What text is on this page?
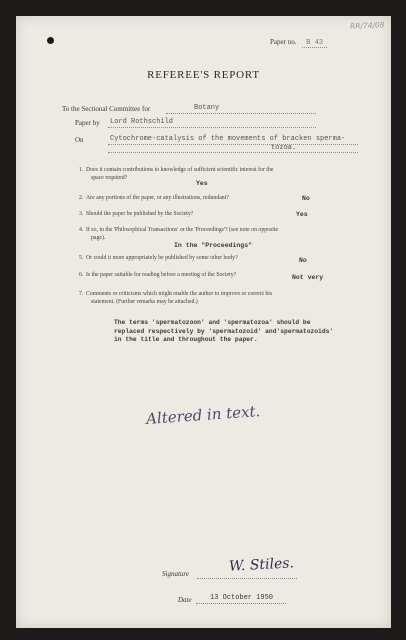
RR/74/08
Paper no. B 43
REFEREE'S REPORT
To the Sectional Committee for	Botany
Paper by Lord Rothschild
On	Cytochrome-catalysis of the movements of bracken sperma-
tozoa.
1. Does it contain contributions to knowledge of sufficient scientific interest for the
space required?
Yes
2. Are any portions of the paper, or any illustrations, redundant?	No
3. Should the paper be published by the Society?	Yes
4. If so, in the 'Philosophical Transactions' or the 'Proceedings'? (see note on opposite
page).
In the "Proceedings"
5. Or could it more appropriately be published by some other body?	No
6. Is the paper suitable for reading before a meeting of the Society?	Not very
7. Comments or criticisms which might enable the author to improve or correct his
statement. (Further remarks may be attached.)
The terms 'spermatozoon' and 'spermatozoa' should be
replaced respectively by 'spermatozoid' and'spermatozoids'
in the title and throughout the paper.
Altered in text.
Signature	W. Stiles.
Date	13 October 1950
